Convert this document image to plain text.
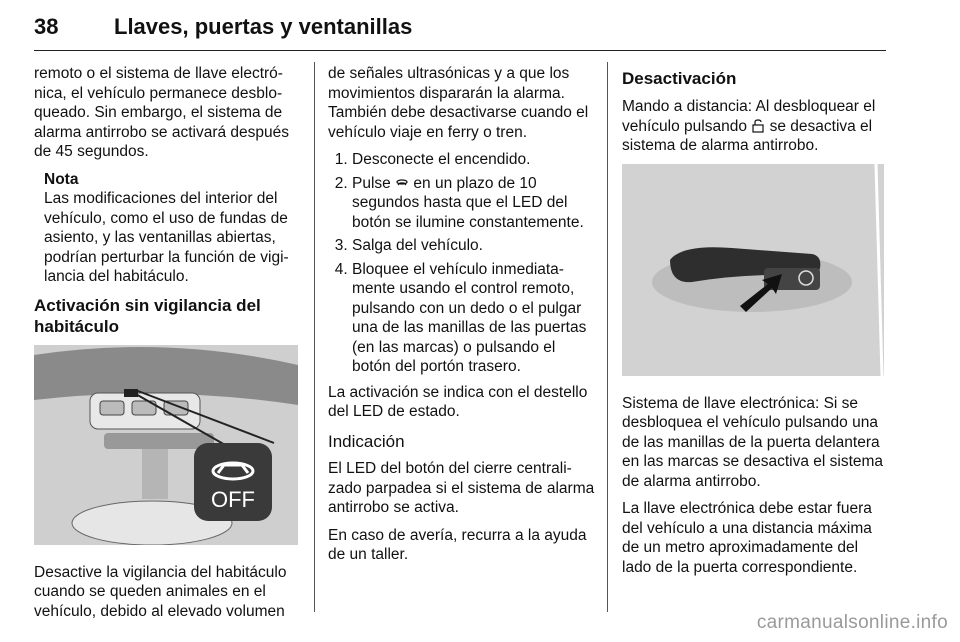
38	Llaves, puertas y ventanillas

remoto o el sistema de llave electró-nica, el vehículo permanece desblo-queado. Sin embargo, el sistema de alarma antirrobo se activará después de 45 segundos.

Nota
Las modificaciones del interior del vehículo, como el uso de fundas de asiento, y las ventanillas abiertas, podrían perturbar la función de vigi-lancia del habitáculo.
Activación sin vigilancia del habitáculo
OFF

Desactive la vigilancia del habitáculo cuando se queden animales en el vehículo, debido al elevado volumen

de señales ultrasónicas y a que los movimientos dispararán la alarma. También debe desactivarse cuando el vehículo viaje en ferry o tren.

1. Desconecte el encendido.
2. Pulse en un plazo de 10 segundos hasta que el LED del botón se ilumine constantemente.
3. Salga del vehículo.
4. Bloquee el vehículo inmediata-mente usando el control remoto, pulsando con un dedo o el pulgar una de las manillas de las puertas (en las marcas) o pulsando el botón del portón trasero.

La activación se indica con el destello del LED de estado.

Indicación

El LED del botón del cierre centrali-zado parpadea si el sistema de alarma antirrobo se activa.

En caso de avería, recurra a la ayuda de un taller.

Desactivación

Mando a distancia: Al desbloquear el vehículo pulsando se desactiva el sistema de alarma antirrobo.

Sistema de llave electrónica: Si se desbloquea el vehículo pulsando una de las manillas de la puerta delantera en las marcas se desactiva el sistema de alarma antirrobo.

La llave electrónica debe estar fuera del vehículo a una distancia máxima de un metro aproximadamente del lado de la puerta correspondiente.

carmanualsonline.info
